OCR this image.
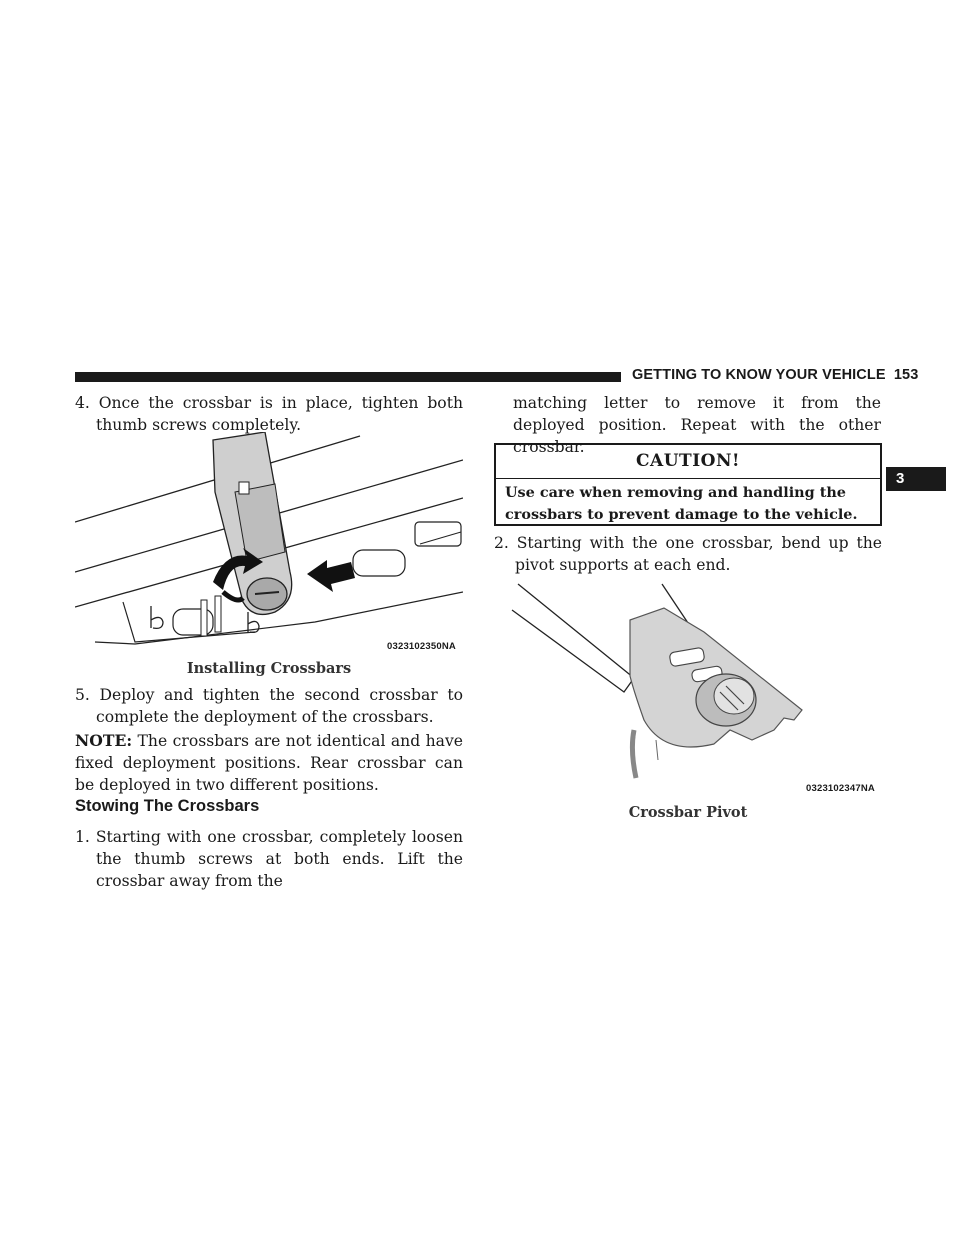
GETTING TO KNOW YOUR VEHICLE 153
3
4. Once the crossbar is in place, tighten both thumb screws completely.
0323102350NA
Installing Crossbars
5. Deploy and tighten the second crossbar to complete the deployment of the crossbars.
NOTE: The crossbars are not identical and have fixed deployment positions. Rear crossbar can be deployed in two different positions.
Stowing The Crossbars
1. Starting with one crossbar, completely loosen the thumb screws at both ends. Lift the crossbar away from the
matching letter to remove it from the deployed position. Repeat with the other crossbar.
CAUTION!
Use care when removing and handling the crossbars to prevent damage to the vehicle.
2. Starting with the one crossbar, bend up the pivot supports at each end.
0323102347NA
Crossbar Pivot
